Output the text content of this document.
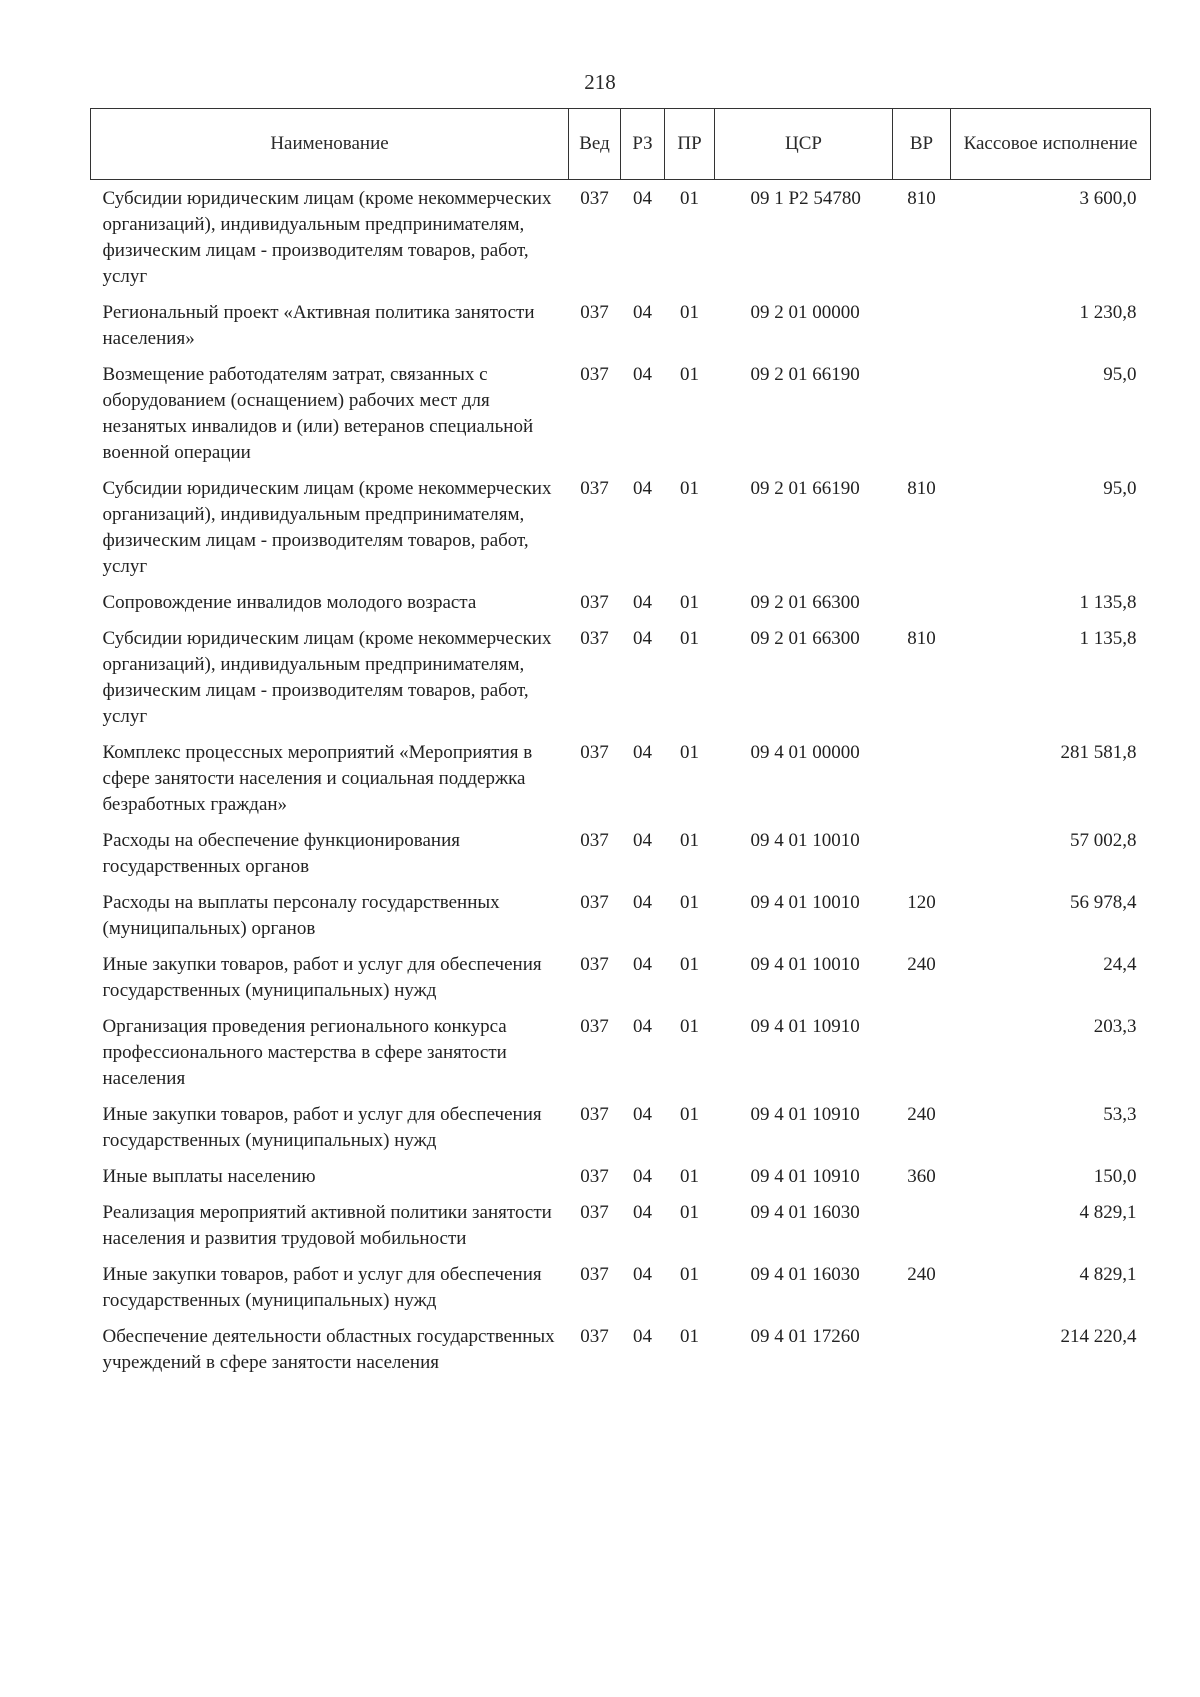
218
Наименование	Вед	РЗ	ПР	ЦСР	ВР	Кассовое исполнение
Субсидии юридическим лицам (кроме некоммерческих организаций), индивидуальным предпринимателям, физическим лицам - производителям товаров, работ, услуг	037	04	01	09 1 Р2 54780	810	3 600,0
Региональный проект «Активная политика занятости населения»	037	04	01	09 2 01 00000		1 230,8
Возмещение работодателям затрат, связанных с оборудованием (оснащением) рабочих мест для незанятых инвалидов и (или) ветеранов специальной военной операции	037	04	01	09 2 01 66190		95,0
Субсидии юридическим лицам (кроме некоммерческих организаций), индивидуальным предпринимателям, физическим лицам - производителям товаров, работ, услуг	037	04	01	09 2 01 66190	810	95,0
Сопровождение инвалидов молодого возраста	037	04	01	09 2 01 66300		1 135,8
Субсидии юридическим лицам (кроме некоммерческих организаций), индивидуальным предпринимателям, физическим лицам - производителям товаров, работ, услуг	037	04	01	09 2 01 66300	810	1 135,8
Комплекс процессных мероприятий «Мероприятия в сфере занятости населения и социальная поддержка безработных граждан»	037	04	01	09 4 01 00000		281 581,8
Расходы на обеспечение функционирования государственных органов	037	04	01	09 4 01 10010		57 002,8
Расходы на выплаты персоналу государственных (муниципальных) органов	037	04	01	09 4 01 10010	120	56 978,4
Иные закупки товаров, работ и услуг для обеспечения государственных (муниципальных) нужд	037	04	01	09 4 01 10010	240	24,4
Организация проведения регионального конкурса профессионального мастерства в сфере занятости населения	037	04	01	09 4 01 10910		203,3
Иные закупки товаров, работ и услуг для обеспечения государственных (муниципальных) нужд	037	04	01	09 4 01 10910	240	53,3
Иные выплаты населению	037	04	01	09 4 01 10910	360	150,0
Реализация мероприятий активной политики занятости населения и развития трудовой мобильности	037	04	01	09 4 01 16030		4 829,1
Иные закупки товаров, работ и услуг для обеспечения государственных (муниципальных) нужд	037	04	01	09 4 01 16030	240	4 829,1
Обеспечение деятельности областных государственных учреждений в сфере занятости населения	037	04	01	09 4 01 17260		214 220,4
